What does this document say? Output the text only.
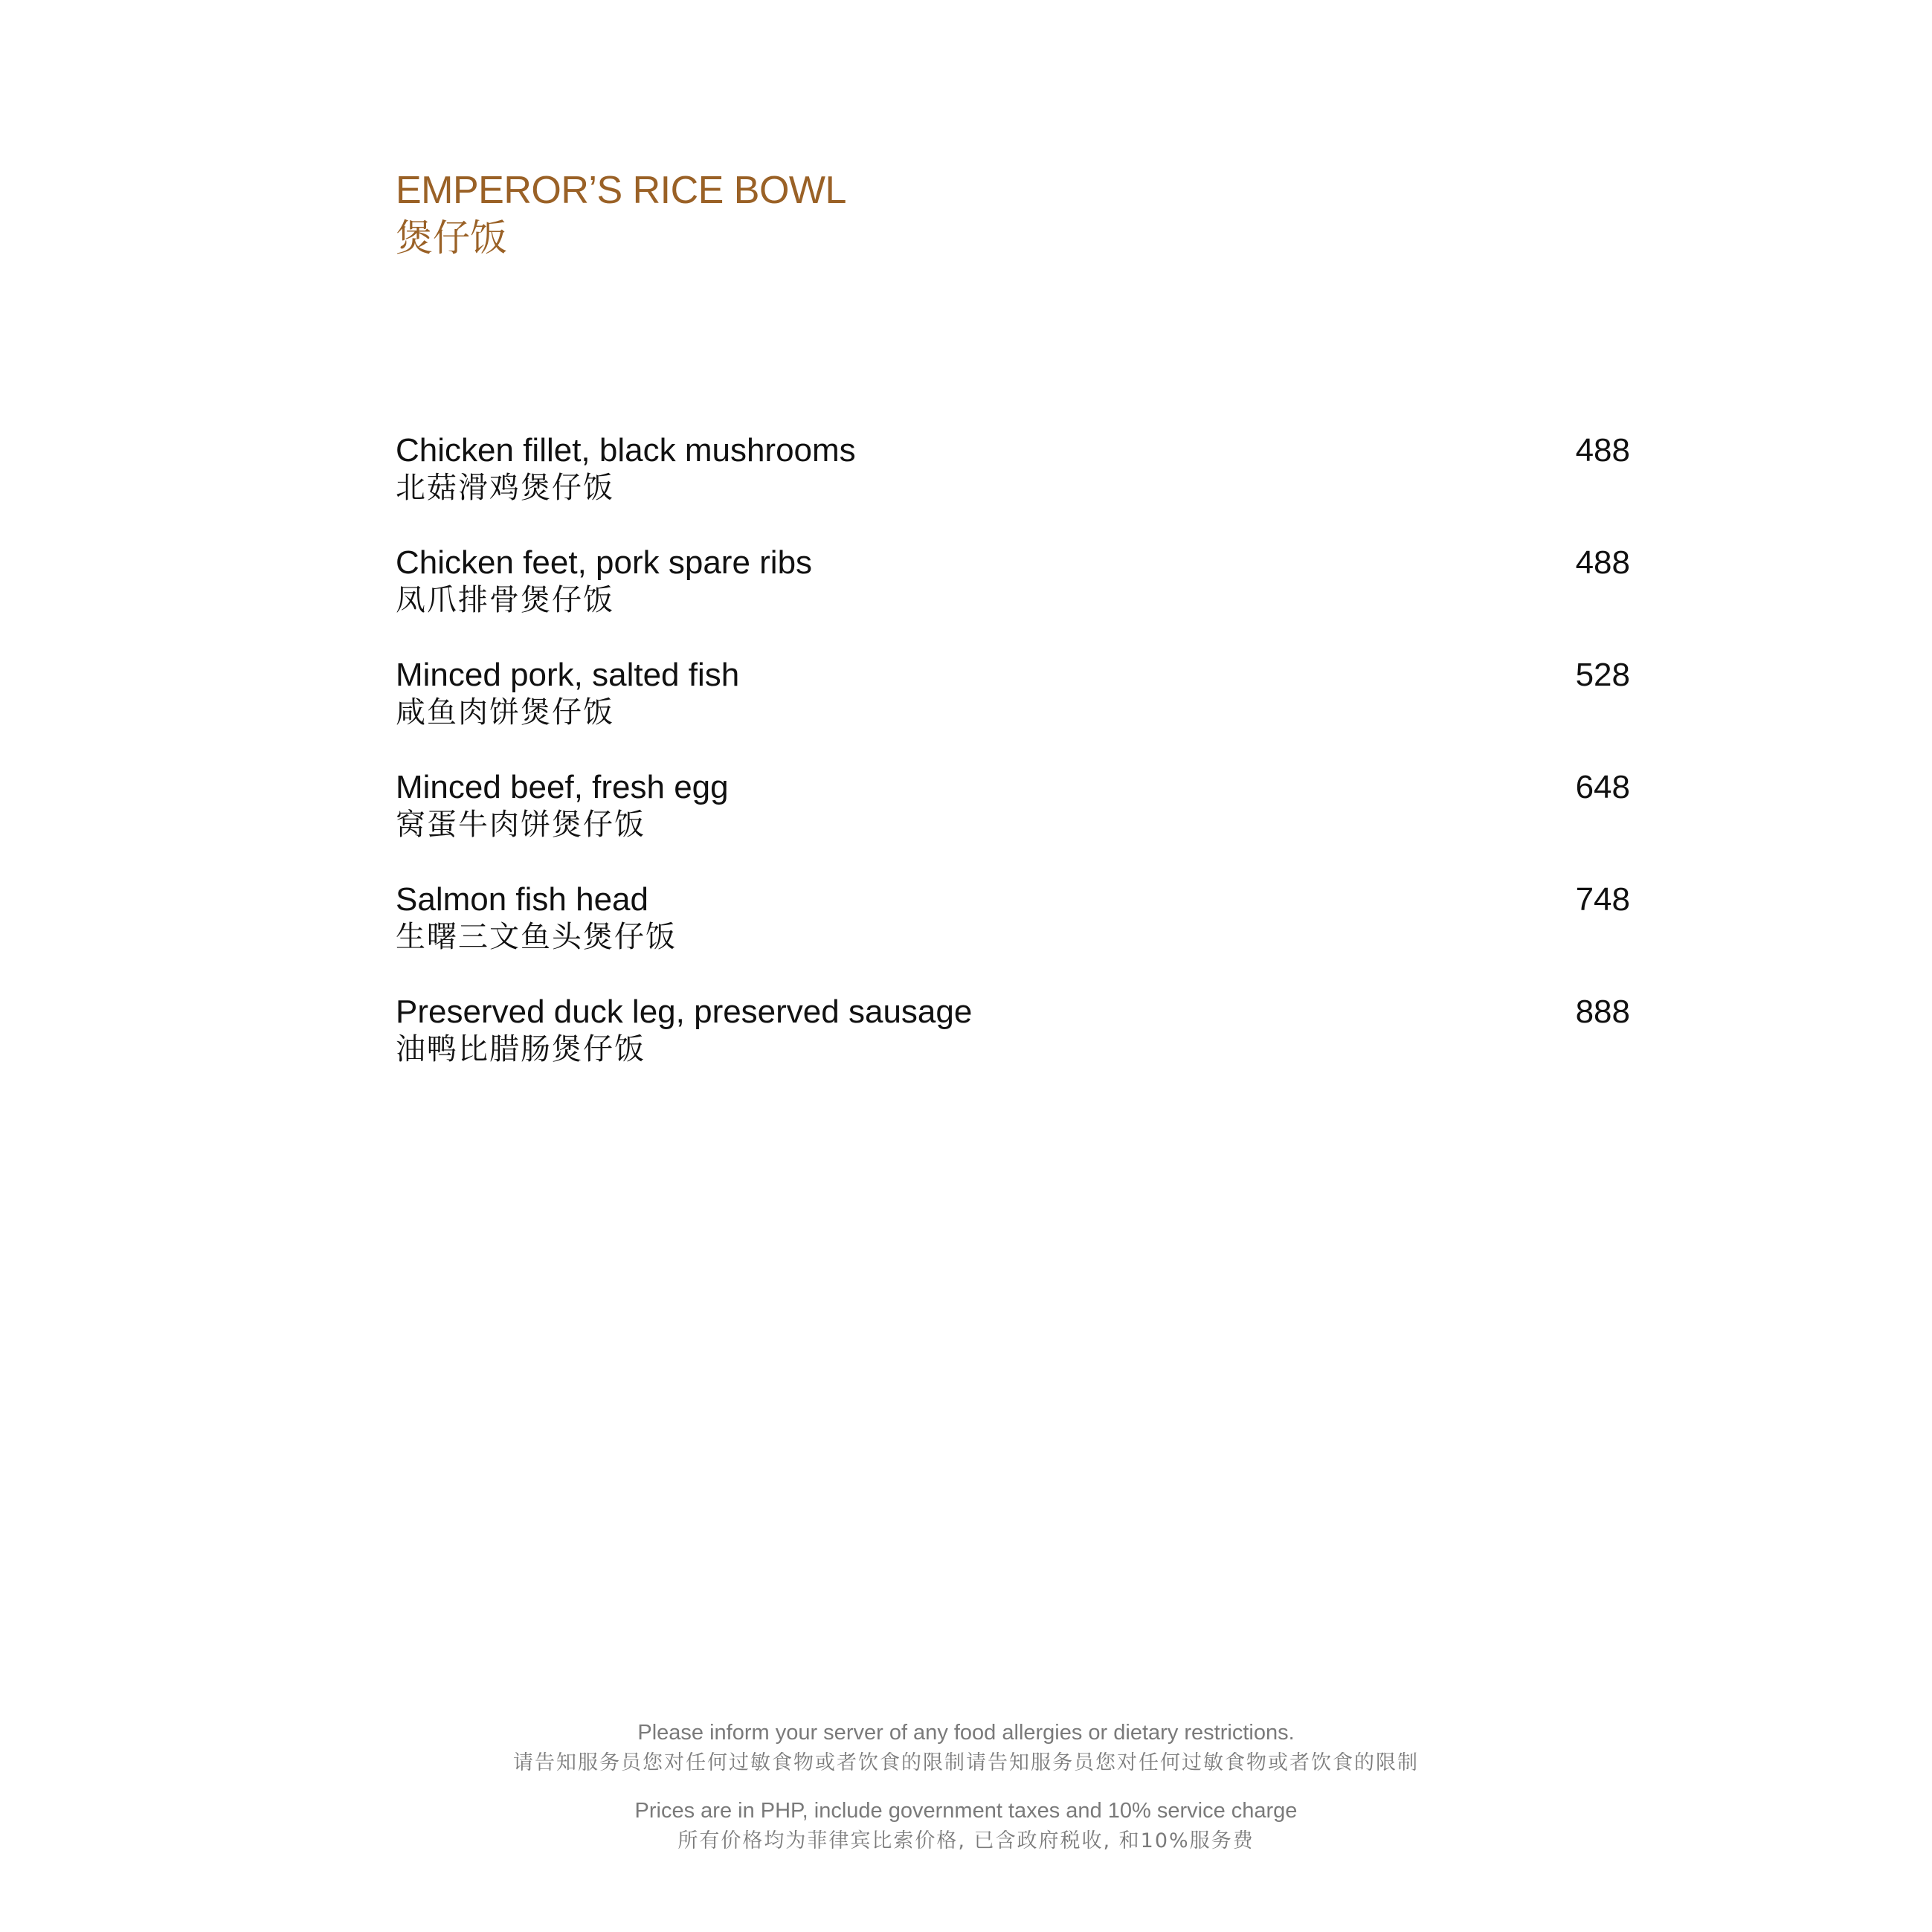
EMPEROR’S RICE BOWL
煲仔饭
Chicken fillet, black mushrooms
北菇滑鸡煲仔饭
488
Chicken feet, pork spare ribs
凤爪排骨煲仔饭
488
Minced pork, salted fish
咸鱼肉饼煲仔饭
528
Minced beef, fresh egg
窝蛋牛肉饼煲仔饭
648
Salmon fish head
生曙三文鱼头煲仔饭
748
Preserved duck leg, preserved sausage
油鸭比腊肠煲仔饭
888
Please inform your server of any food allergies or dietary restrictions.
请告知服务员您对任何过敏食物或者饮食的限制请告知服务员您对任何过敏食物或者饮食的限制
Prices are in PHP, include government taxes and 10% service charge
所有价格均为菲律宾比索价格, 已含政府税收, 和10%服务费
